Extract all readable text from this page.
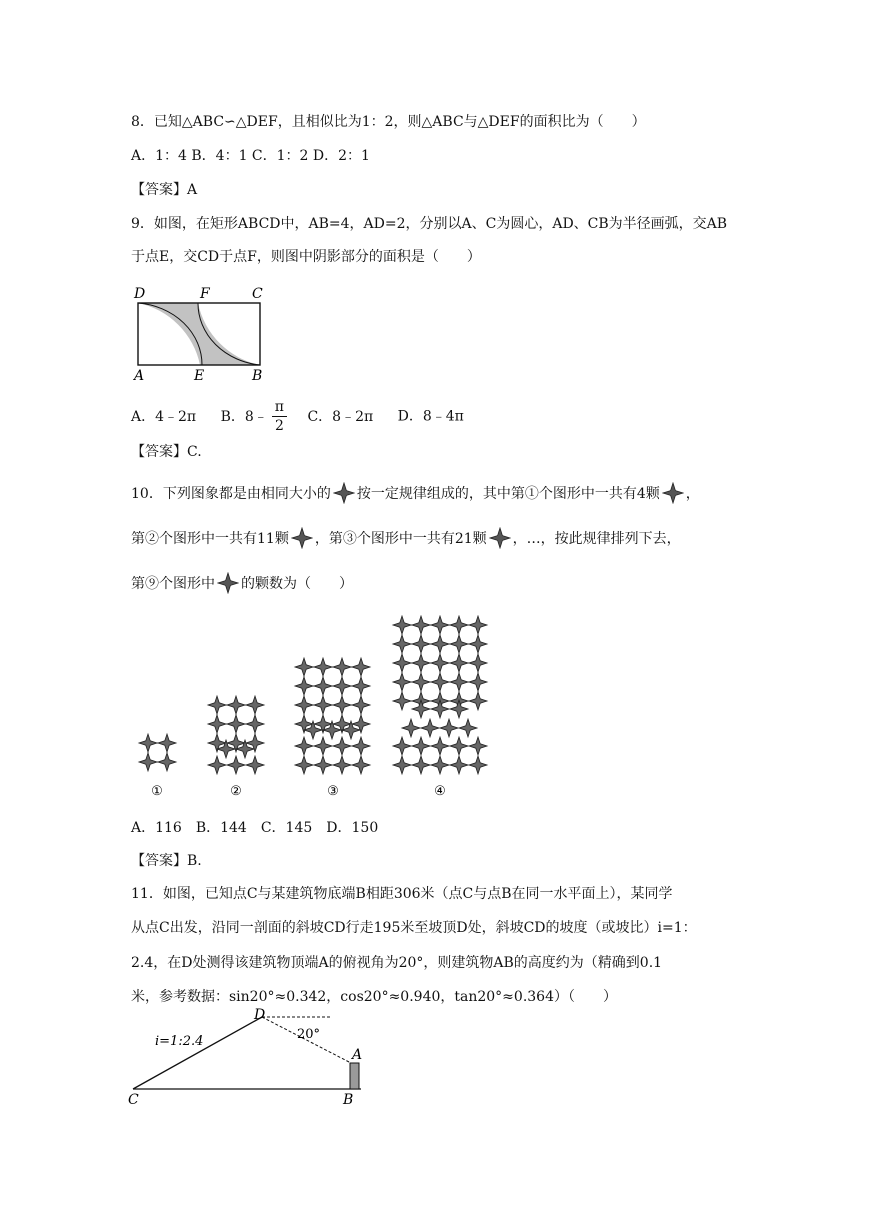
8．已知△ABC∽△DEF，且相似比为1：2，则△ABC与△DEF的面积比为（　　）
A．1：4 B．4：1 C．1：2 D．2：1
【答案】A
9．如图，在矩形ABCD中，AB=4，AD=2，分别以A、C为圆心，AD、CB为半径画弧，交AB
于点E，交CD于点F，则图中阴影部分的面积是（　　）
D	F	C
A	E	B
A．4﹣2π B．8﹣ $\frac{\pi}{2}$ C．8﹣2π D．8﹣4π
【答案】C.
10．下列图象都是由相同大小的 按一定规律组成的，其中第①个图形中一共有4颗 ，
第②个图形中一共有11颗 ，第③个图形中一共有21颗 ，…，按此规律排列下去，
第⑨个图形中 的颗数为（　　）
①	②	③	④
A．116　B．144　C．145　D．150
【答案】B.
11．如图，已知点C与某建筑物底端B相距306米（点C与点B在同一水平面上），某同学
从点C出发，沿同一剖面的斜坡CD行走195米至坡顶D处，斜坡CD的坡度（或坡比）i=1：
2.4，在D处测得该建筑物顶端A的俯视角为20°，则建筑物AB的高度约为（精确到0.1
米，参考数据：sin20°≈0.342，cos20°≈0.940，tan20°≈0.364）（　　）
D
A
C	B
i=1:2.4	20°
